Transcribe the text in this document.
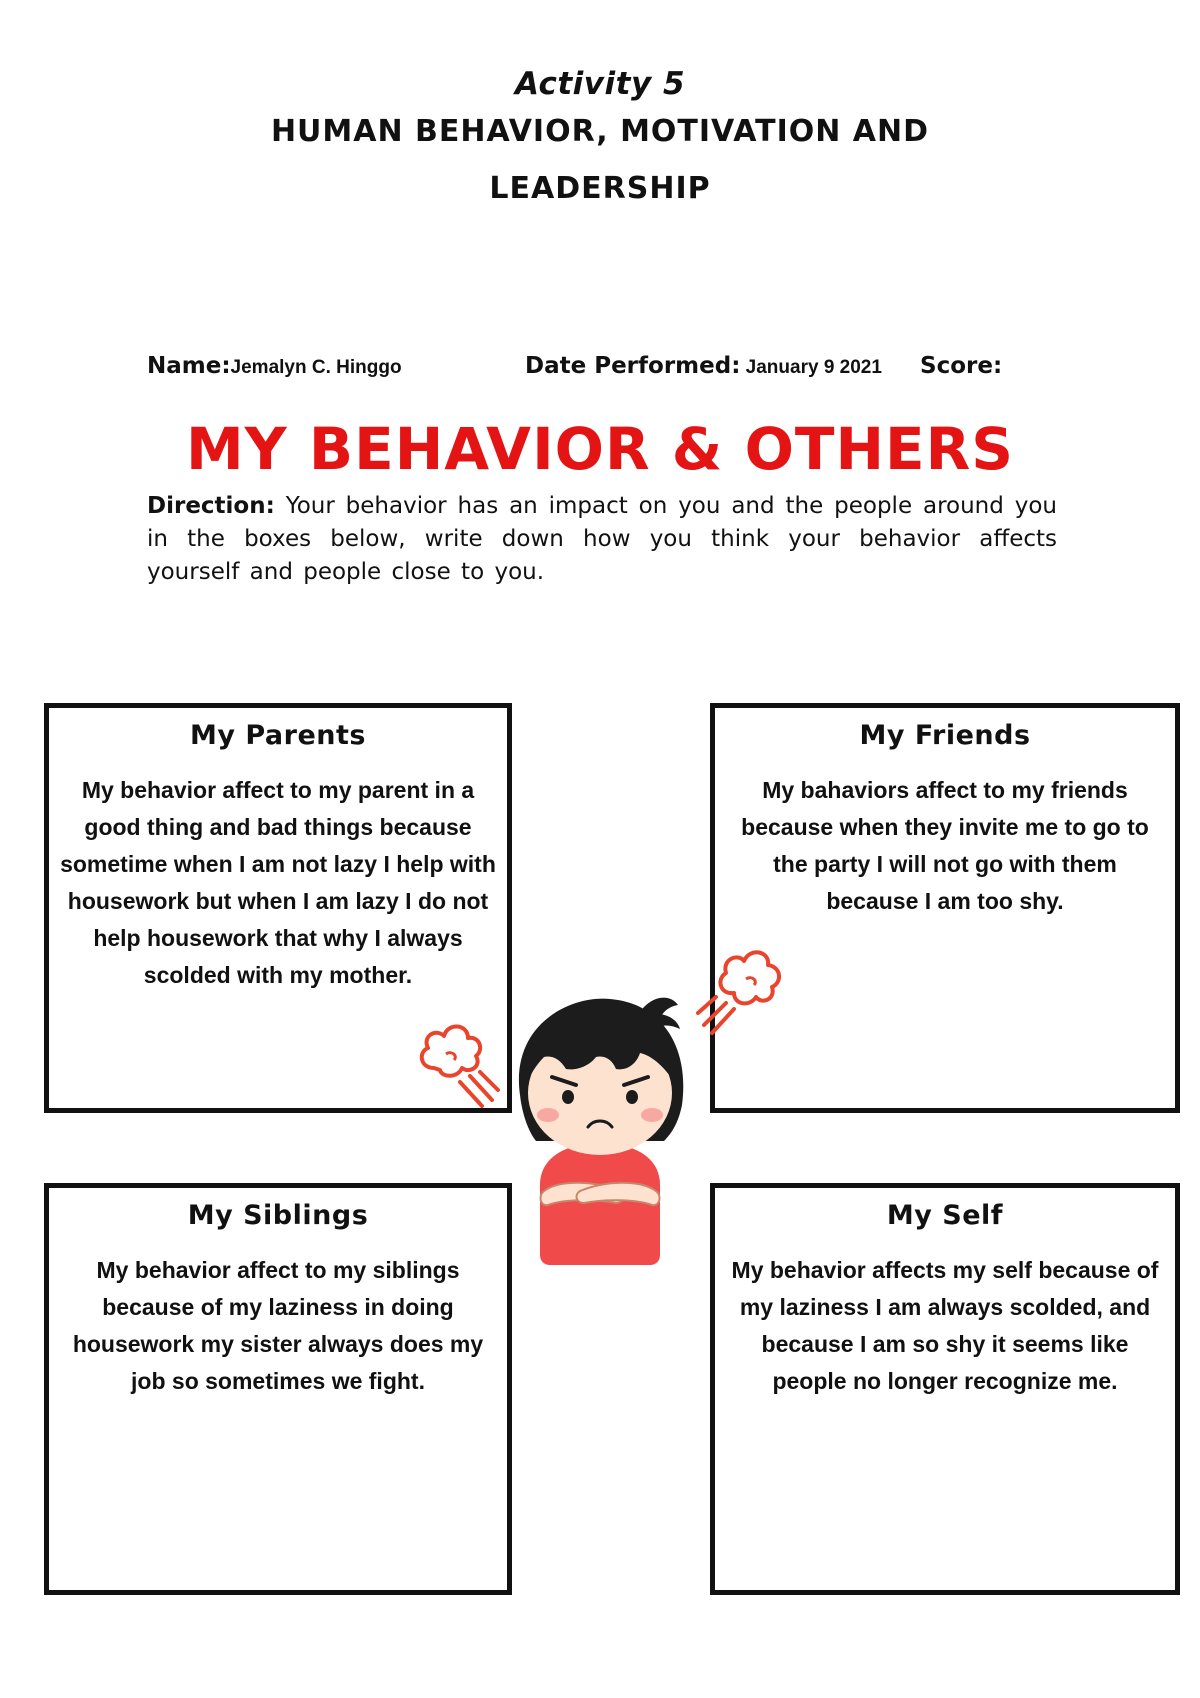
Activity 5
HUMAN BEHAVIOR, MOTIVATION AND
LEADERSHIP
Name:Jemalyn C. Hinggo	Date Performed: January 9 2021 Score:
MY BEHAVIOR & OTHERS
Direction: Your behavior has an impact on you and the people around you in the boxes below, write down how you think your behavior affects yourself and people close to you.
My Parents
My behavior affect to my parent in a good thing and bad things because sometime when I am not lazy I help with housework but when I am lazy I do not help housework that why I always scolded with my mother.
My Friends
My bahaviors affect to my friends because when they invite me to go to the party I will not go with them because I am too shy.
My Siblings
My behavior affect to my siblings because of my laziness in doing housework my sister always does my job so sometimes we fight.
My Self
My behavior affects my self because of my laziness I am always scolded, and because I am so shy it seems like people no longer recognize me.
